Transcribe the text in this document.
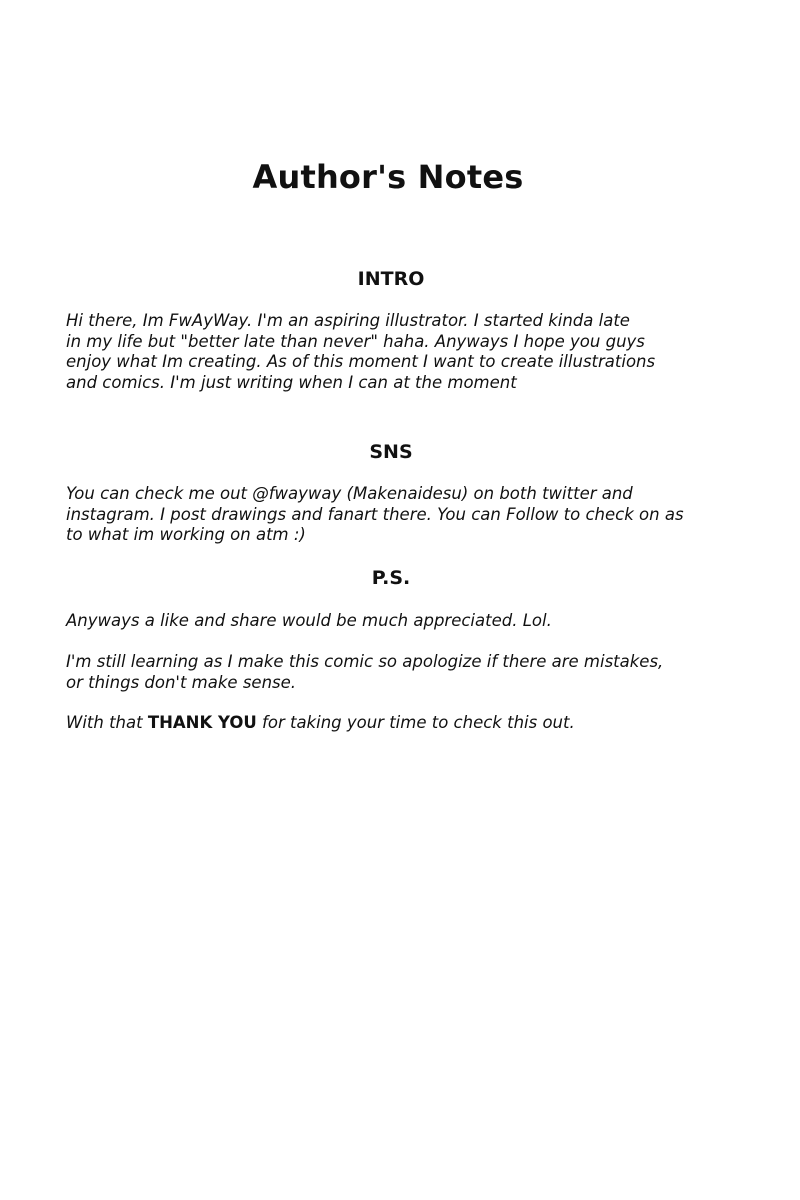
Author's Notes
INTRO

Hi there, Im FwAyWay. I'm an aspiring illustrator. I started kinda late
in my life but "better late than never" haha. Anyways I hope you guys
enjoy what Im creating. As of this moment I want to create illustrations
and comics. I'm just writing when I can at the moment

SNS

You can check me out @fwayway (Makenaidesu) on both twitter and
instagram. I post drawings and fanart there. You can Follow to check on as
to what im working on atm :)

P.S.

Anyways a like and share would be much appreciated. Lol.

I'm still learning as I make this comic so apologize if there are mistakes,
or things don't make sense.

With that THANK YOU for taking your time to check this out.
